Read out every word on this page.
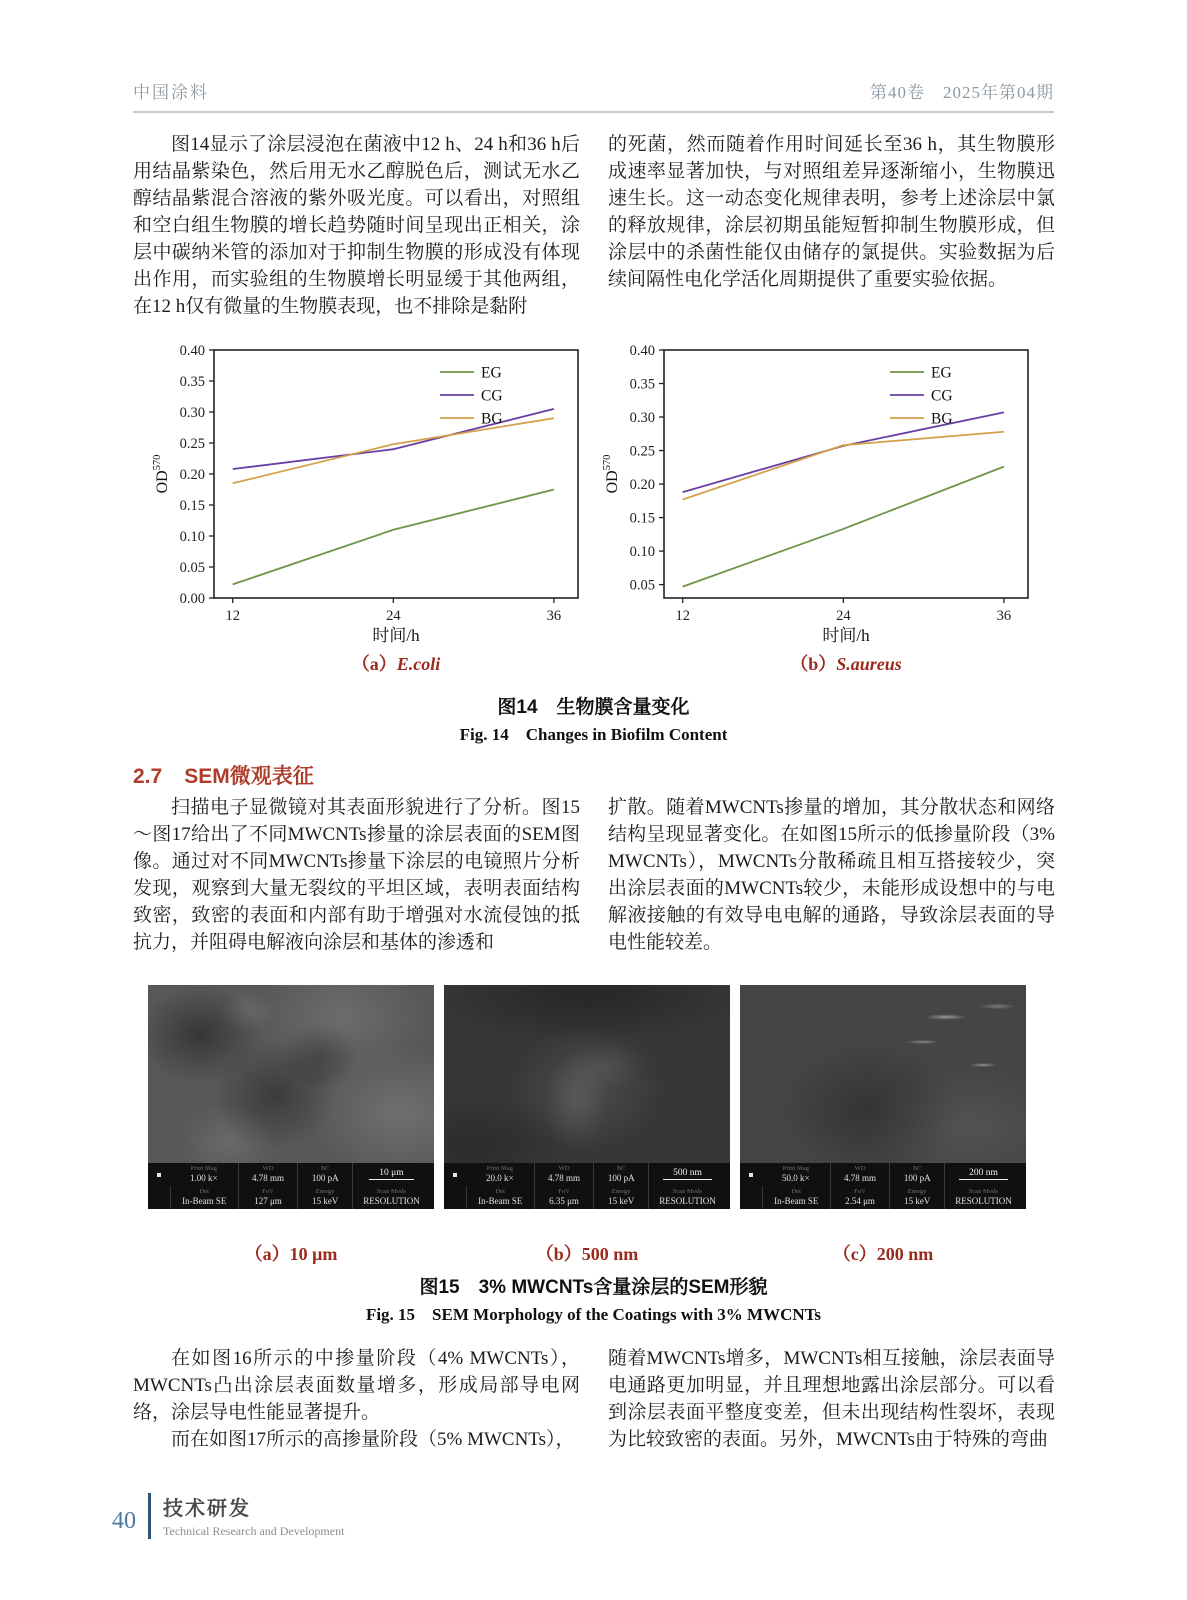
中国涂料	第40卷 2025年第04期

图14显示了涂层浸泡在菌液中12 h、24 h和36 h后用结晶紫染色，然后用无水乙醇脱色后，测试无水乙醇结晶紫混合溶液的紫外吸光度。可以看出，对照组和空白组生物膜的增长趋势随时间呈现出正相关，涂层中碳纳米管的添加对于抑制生物膜的形成没有体现出作用，而实验组的生物膜增长明显缓于其他两组，在12 h仅有微量的生物膜表现，也不排除是黏附

的死菌，然而随着作用时间延长至36 h，其生物膜形成速率显著加快，与对照组差异逐渐缩小，生物膜迅速生长。这一动态变化规律表明，参考上述涂层中氯的释放规律，涂层初期虽能短暂抑制生物膜形成，但涂层中的杀菌性能仅由储存的氯提供。实验数据为后续间隔性电化学活化周期提供了重要实验依据。

0.00
0.05
0.10
0.15
0.20
0.25
0.30
0.35
0.40
12	24	36
时间/h
OD$^{570}$
EG
CG
BG
（a）E.coli
0.05
0.10
0.15
0.20
0.25
0.30
0.35
0.40
12	24	36
时间/h
OD$^{570}$
EG
CG
BG
（b）S.aureus
图14　生物膜含量变化
Fig. 14　Changes in Biofilm Content
2.7 SEM微观表征

扫描电子显微镜对其表面形貌进行了分析。图15～图17给出了不同MWCNTs掺量的涂层表面的SEM图像。通过对不同MWCNTs掺量下涂层的电镜照片分析发现，观察到大量无裂纹的平坦区域，表明表面结构致密，致密的表面和内部有助于增强对水流侵蚀的抵抗力，并阻碍电解液向涂层和基体的渗透和

扩散。随着MWCNTs掺量的增加，其分散状态和网络结构呈现显著变化。在如图15所示的低掺量阶段（3% MWCNTs），MWCNTs分散稀疏且相互搭接较少，突出涂层表面的MWCNTs较少，未能形成设想中的与电解液接触的有效导电电解的通路，导致涂层表面的导电性能较差。

Print Mag
1.00 k×
WD
4.78 mm
BC
100 pA
10 μm
Det
In-Beam SE
FoV
127 μm
Energy
15 keV
Scan Mode
RESOLUTION
Print Mag
20.0 k×
WD
4.78 mm
BC
100 pA
500 nm
Det
In-Beam SE
FoV
6.35 μm
Energy
15 keV
Scan Mode
RESOLUTION
Print Mag
50.0 k×
WD
4.78 mm
BC
100 pA
200 nm
Det
In-Beam SE
FoV
2.54 μm
Energy
15 keV
Scan Mode
RESOLUTION
（a）10 μm	（b）500 nm	（c）200 nm
图15　3% MWCNTs含量涂层的SEM形貌
Fig. 15　SEM Morphology of the Coatings with 3% MWCNTs

在如图16所示的中掺量阶段（4% MWCNTs），MWCNTs凸出涂层表面数量增多，形成局部导电网络，涂层导电性能显著提升。

而在如图17所示的高掺量阶段（5% MWCNTs），

随着MWCNTs增多，MWCNTs相互接触，涂层表面导电通路更加明显，并且理想地露出涂层部分。可以看到涂层表面平整度变差，但未出现结构性裂坏，表现为比较致密的表面。另外，MWCNTs由于特殊的弯曲

40 技术研发
Technical Research and Development
